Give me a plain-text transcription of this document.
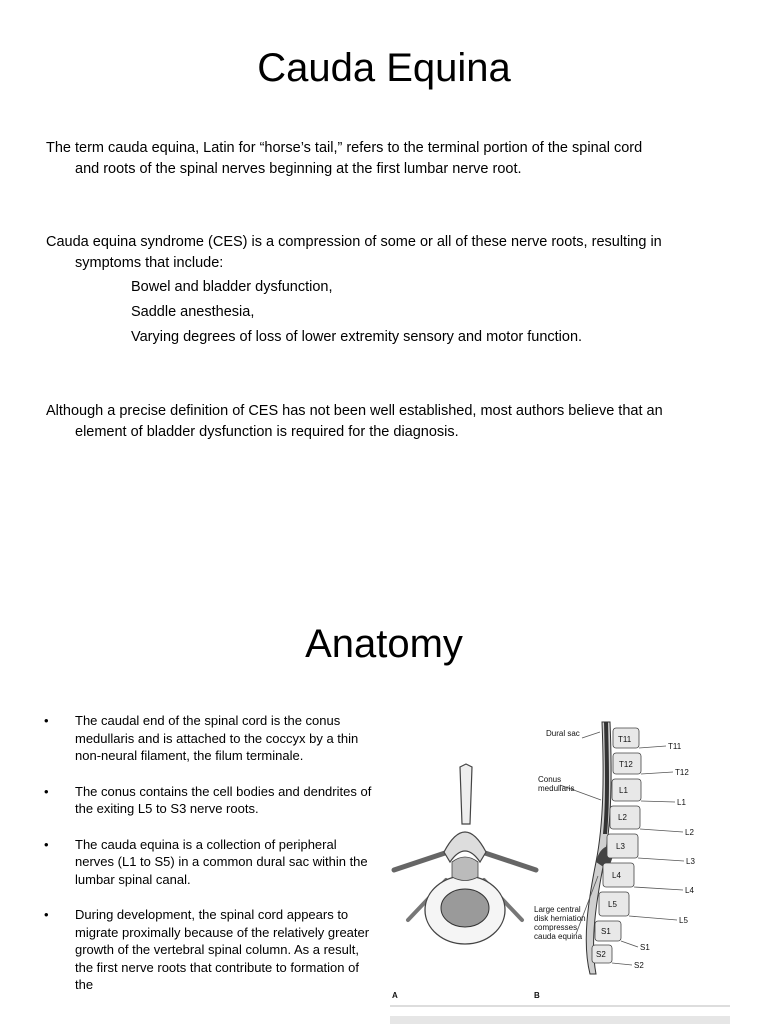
Cauda Equina
The term cauda equina, Latin for “horse’s tail,” refers to the terminal portion of the spinal cord
and roots of the spinal nerves beginning at the first lumbar nerve root.
Cauda equina syndrome (CES) is a compression of some or all of these nerve roots, resulting in
symptoms that include:
Bowel and bladder dysfunction,
Saddle anesthesia,
Varying degrees of loss of lower extremity sensory and motor function.
Although a precise definition of CES has not been well established, most authors believe that an
element of bladder dysfunction is required for the diagnosis.
Anatomy
• The caudal end of the spinal cord is the conus medullaris and is attached to the coccyx by a thin non-neural filament, the filum terminale.
• The conus contains the cell bodies and dendrites of the exiting L5 to S3 nerve roots.
• The cauda equina is a collection of peripheral nerves (L1 to S5) in a common dural sac within the lumbar spinal canal.
• During development, the spinal cord appears to migrate proximally because of the relatively greater growth of the vertebral spinal column. As a result, the first nerve roots that contribute to formation of the
T11
T12
L1
L2
L3
L4
L5
S1
S2
T11
T12
L1
L2
L3
L4
L5
S1
S2
Dural sac
Conus
medullaris
Large central
disk herniation
compresses
cauda equina
A	B
